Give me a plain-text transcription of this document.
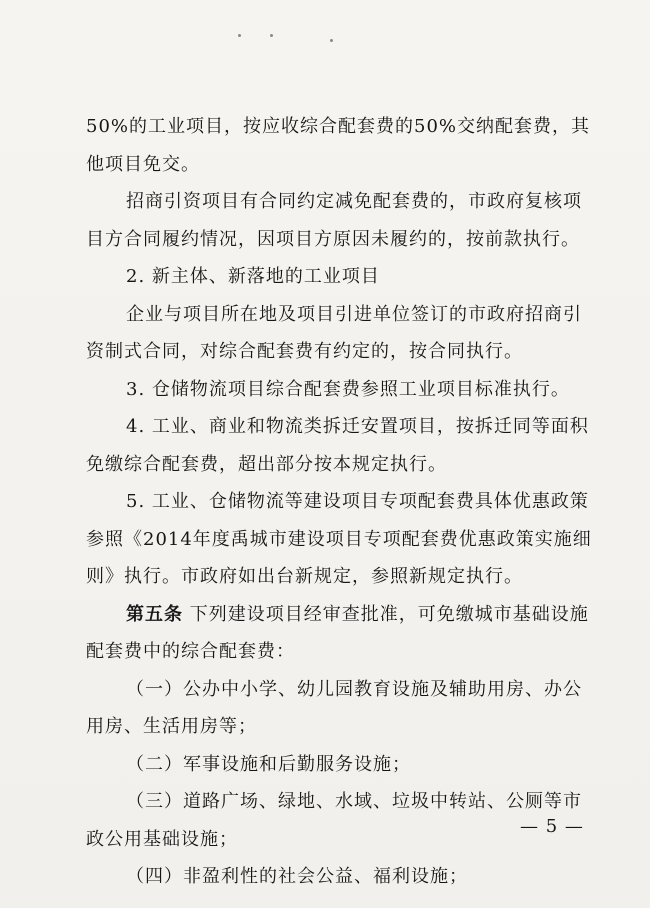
50%的工业项目，按应收综合配套费的50%交纳配套费，其
他项目免交。
招商引资项目有合同约定减免配套费的，市政府复核项
目方合同履约情况，因项目方原因未履约的，按前款执行。
2. 新主体、新落地的工业项目
企业与项目所在地及项目引进单位签订的市政府招商引
资制式合同，对综合配套费有约定的，按合同执行。
3. 仓储物流项目综合配套费参照工业项目标准执行。
4. 工业、商业和物流类拆迁安置项目，按拆迁同等面积
免缴综合配套费，超出部分按本规定执行。
5. 工业、仓储物流等建设项目专项配套费具体优惠政策
参照《2014年度禹城市建设项目专项配套费优惠政策实施细
则》执行。市政府如出台新规定，参照新规定执行。
第五条 下列建设项目经审查批准，可免缴城市基础设施
配套费中的综合配套费：
（一）公办中小学、幼儿园教育设施及辅助用房、办公
用房、生活用房等；
（二）军事设施和后勤服务设施；
（三）道路广场、绿地、水域、垃圾中转站、公厕等市
政公用基础设施；
（四）非盈利性的社会公益、福利设施；
— 5 —
